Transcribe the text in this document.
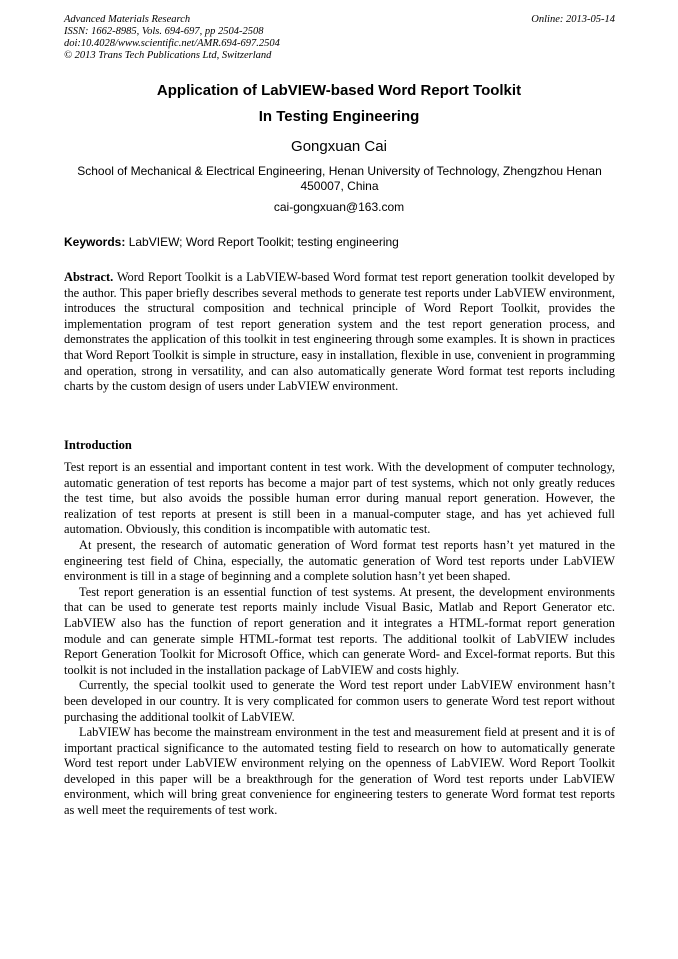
Advanced Materials Research
ISSN: 1662-8985, Vols. 694-697, pp 2504-2508
doi:10.4028/www.scientific.net/AMR.694-697.2504
© 2013 Trans Tech Publications Ltd, Switzerland
Online: 2013-05-14
Application of LabVIEW-based Word Report Toolkit
In Testing Engineering
Gongxuan Cai
School of Mechanical & Electrical Engineering, Henan University of Technology, Zhengzhou Henan 450007, China
cai-gongxuan@163.com
Keywords: LabVIEW; Word Report Toolkit; testing engineering
Abstract. Word Report Toolkit is a LabVIEW-based Word format test report generation toolkit developed by the author. This paper briefly describes several methods to generate test reports under LabVIEW environment, introduces the structural composition and technical principle of Word Report Toolkit, provides the implementation program of test report generation system and the test report generation process, and demonstrates the application of this toolkit in test engineering through some examples. It is shown in practices that Word Report Toolkit is simple in structure, easy in installation, flexible in use, convenient in programming and operation, strong in versatility, and can also automatically generate Word format test reports including charts by the custom design of users under LabVIEW environment.
Introduction

Test report is an essential and important content in test work. With the development of computer technology, automatic generation of test reports has become a major part of test systems, which not only greatly reduces the test time, but also avoids the possible human error during manual report generation. However, the realization of test reports at present is still been in a manual-computer stage, and has yet achieved full automation. Obviously, this condition is incompatible with automatic test.

At present, the research of automatic generation of Word format test reports hasn’t yet matured in the engineering test field of China, especially, the automatic generation of Word test reports under LabVIEW environment is till in a stage of beginning and a complete solution hasn’t yet been shaped.

Test report generation is an essential function of test systems. At present, the development environments that can be used to generate test reports mainly include Visual Basic, Matlab and Report Generator etc. LabVIEW also has the function of report generation and it integrates a HTML-format report generation module and can generate simple HTML-format test reports. The additional toolkit of LabVIEW includes Report Generation Toolkit for Microsoft Office, which can generate Word- and Excel-format reports. But this toolkit is not included in the installation package of LabVIEW and costs highly.

Currently, the special toolkit used to generate the Word test report under LabVIEW environment hasn’t been developed in our country. It is very complicated for common users to generate Word test report without purchasing the additional toolkit of LabVIEW.

LabVIEW has become the mainstream environment in the test and measurement field at present and it is of important practical significance to the automated testing field to research on how to automatically generate Word test report under LabVIEW environment relying on the openness of LabVIEW. Word Report Toolkit developed in this paper will be a breakthrough for the generation of Word test reports under LabVIEW environment, which will bring great convenience for engineering testers to generate Word format test reports as well meet the requirements of test work.
